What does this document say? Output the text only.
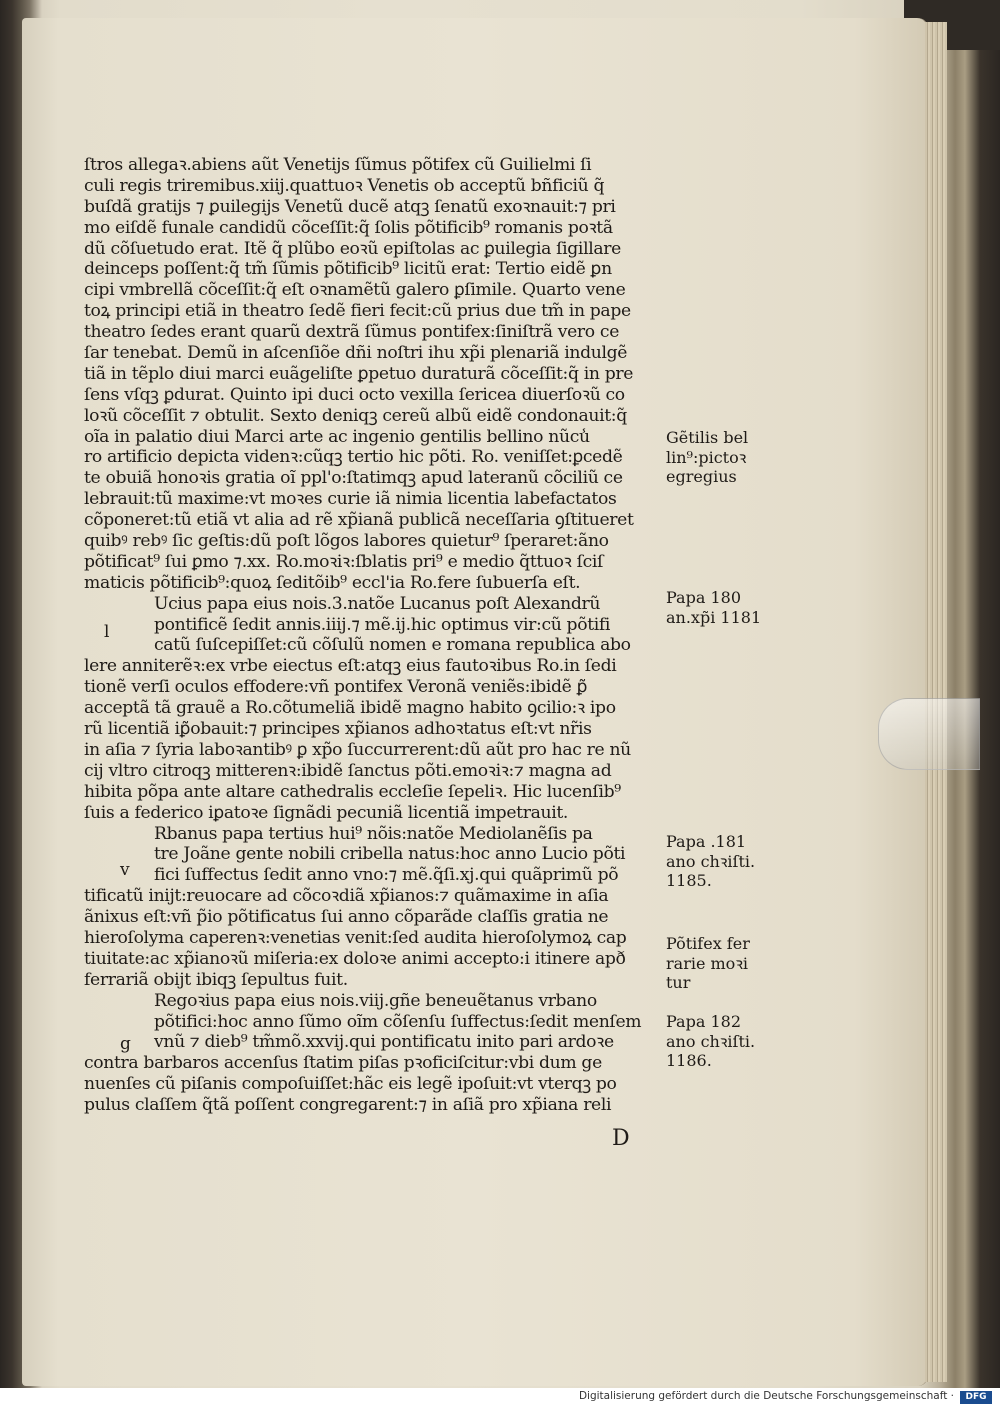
ſtros allegaꝛ.abiens aũt Venetijs ſũmus põtifex cũ Guilielmi ſi
culi regis triremibus.xiij.quattuoꝛ Venetis ob acceptũ bñficiũ q̃
buſdã gratijs ⁊ ꝑuilegijs Venetũ ducẽ atqꝫ ſenatũ exoꝛnauit:⁊ pri
mo eiſdẽ funale candidũ cõceſſit:q̃ ſolis põtificib⁹ romanis poꝛtã
dũ cõſuetudo erat. Itẽ q̃ plũbo eoꝛũ epiſtolas ac ꝑuilegia ſigillare
deinceps poſſent:q̃ tm̃ ſũmis põtificib⁹ licitũ erat: Tertio eidẽ ꝑn
cipi vmbrellã cõceſſit:q̃ eſt oꝛnamẽtũ galero ꝑſimile. Quarto vene
toꝝ principi etiã in theatro ſedẽ fieri fecit:cũ prius due tm̃ in pape
theatro ſedes erant quarũ dextrã ſũmus pontifex:ſiniſtrã vero ce
ſar tenebat. Demũ in aſcenſiõe dñi noſtri ihu xp̃i plenariã indulgẽ
tiã in tẽplo diui marci euãgeliſte ꝑpetuo duraturã cõceſſit:q̃ in pre
ſens vſqꝫ ꝑdurat. Quinto ipi duci octo vexilla ſericea diuerſoꝛũ co
loꝛũ cõceſſit ⁊ obtulit. Sexto deniqꝫ cereũ albũ eidẽ condonauit:q̃
oĩa in palatio diui Marci arte ac ingenio gentilis bellino nũcu̾
ro artificio depicta videnꝛ:cũqꝫ tertio hic põti. Ro. veniſſet:ꝑcedẽ
te obuiã honoꝛis gratia oĩ ppl'o:ſtatimqꝫ apud lateranũ cõciliũ ce
lebrauit:tũ maxime:vt moꝛes curie iã nimia licentia labefactatos
cõponeret:tũ etiã vt alia ad rẽ xp̃ianã publicã neceſſaria ꝯſtitueret
quibꝰ rebꝰ ſic geſtis:dũ poſt lõgos labores quietur⁹ ſperaret:ãno
põtificat⁹ ſui ꝑmo ⁊.xx. Ro.moꝛiꝛ:ſblatis pri⁹ e medio q̃ttuoꝛ ſciſ
maticis põtificib⁹:quoꝝ ſeditõib⁹ eccl'ia Ro.fere ſubuerſa eſt.
Ucius papa eius nois.3.natõe Lucanus poſt Alexandrũ
pontificẽ ſedit annis.iiij.⁊ mẽ.ij.hic optimus vir:cũ põtifi
catũ ſuſcepiſſet:cũ cõſulũ nomen e romana republica abo
lere anniterẽꝛ:ex vrbe eiectus eſt:atqꝫ eius fautoꝛibus Ro.in ſedi
tionẽ verſi oculos effodere:vñ pontifex Veronã veniẽs:ibidẽ ꝑ̃
acceptã tã grauẽ a Ro.cõtumeliã ibidẽ magno habito ꝯcilio:ꝛ ipo
rũ licentiã iꝑ̃obauit:⁊ principes xp̃ianos adhoꝛtatus eſt:vt nr̃is
in aſia ⁊ ſyria laboꝛantibꝰ ꝑ xp̃o ſuccurrerent:dũ aũt pro hac re nũ
cij vltro citroqꝫ mitterenꝛ:ibidẽ ſanctus põti.emoꝛiꝛ:⁊ magna ad
hibita põpa ante altare cathedralis eccleſie ſepeliꝛ. Hic lucenſib⁹
ſuis a federico iꝑatoꝛe ſignãdi pecuniã licentiã impetrauit.
Rbanus papa tertius hui⁹ nõis:natõe Mediolanẽſis pa
tre Joãne gente nobili cribella natus:hoc anno Lucio põti
fici ſuffectus ſedit anno vno:⁊ mẽ.q̃ſi.xj.qui quãprimũ põ
tificatũ inijt:reuocare ad cõcoꝛdiã xp̃ianos:⁊ quãmaxime in aſia
ãnixus eſt:vñ p̃io põtificatus ſui anno cõparãde claſſis gratia ne
hieroſolyma caperenꝛ:venetias venit:ſed audita hieroſolymoꝝ cap
tiuitate:ac xp̃ianoꝛũ miſeria:ex doloꝛe animi accepto:i itinere apð
ferrariã obijt ibiqꝫ ſepultus fuit.
Regoꝛius papa eius nois.viij.gñe beneuẽtanus vrbano
põtifici:hoc anno ſũmo oĩm cõſenſu ſuffectus:ſedit menſem
vnũ ⁊ dieb⁹ tm̃mõ.xxvij.qui pontificatu inito pari ardoꝛe
contra barbaros accenſus ſtatim piſas pꝛoficiſcitur:vbi dum ge
nuenſes cũ piſanis compoſuiſſet:hãc eis legẽ ipoſuit:vt vterqꝫ po
pulus claſſem q̃tã poſſent congregarent:⁊ in aſiã pro xp̃iana reli
l
v
g
Gẽtilis bel
lin⁹:pictoꝛ
egregius
Papa 180
an.xp̃i 1181
Papa .181
ano chꝛiſti.
1185.
Põtifex fer
rarie moꝛi
tur
Papa 182
ano chꝛiſti.
1186.
D
Digitalisierung gefördert durch die Deutsche Forschungsgemeinschaft ·	DFG
